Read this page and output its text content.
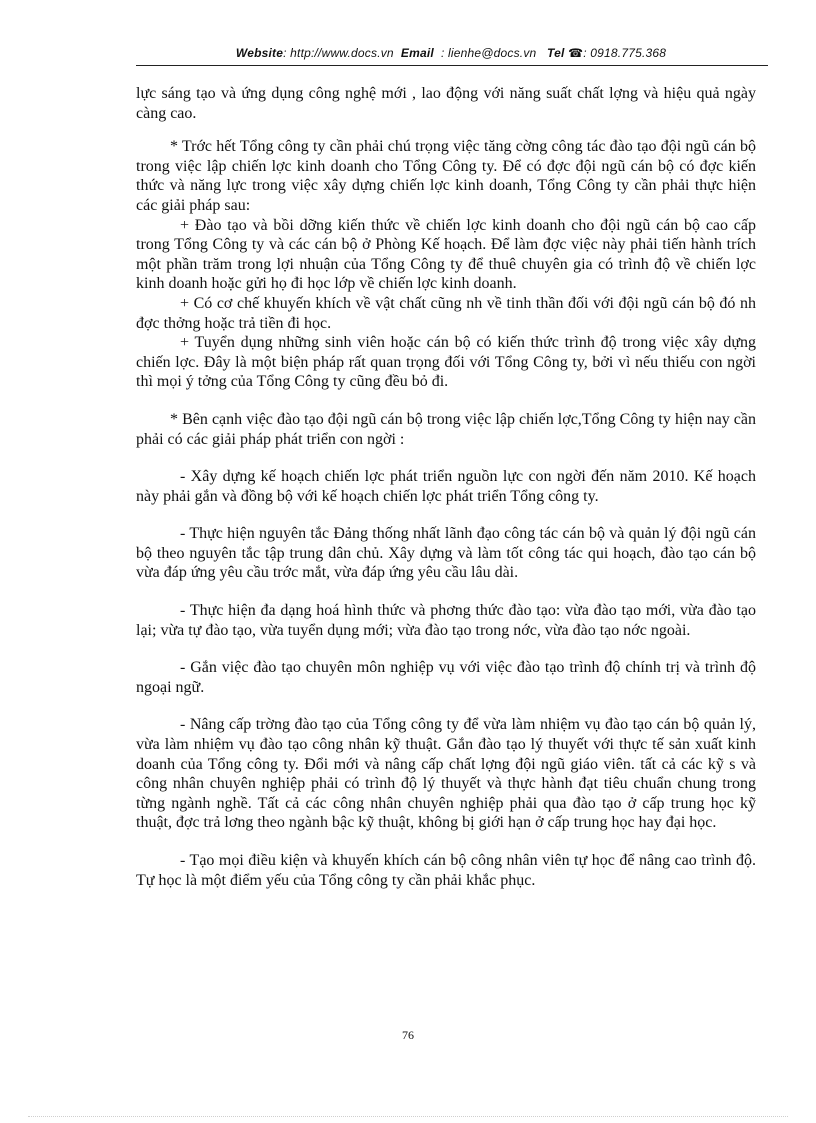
Website: http://www.docs.vn Email : lienhe@docs.vn Tel ☎: 0918.775.368

lực sáng tạo và ứng dụng công nghệ mới , lao động với năng suất chất lợng và hiệu quả ngày càng cao.

* Trớc hết Tổng công ty cần phải chú trọng việc tăng cờng công tác đào tạo đội ngũ cán bộ trong việc lập chiến lợc kinh doanh cho Tổng Công ty. Để có đợc đội ngũ cán bộ có đợc kiến thức và năng lực trong việc xây dựng chiến lợc kinh doanh, Tổng Công ty cần phải thực hiện các giải pháp sau:

+ Đào tạo và bồi dỡng kiến thức về chiến lợc kinh doanh cho đội ngũ cán bộ cao cấp trong Tổng Công ty và các cán bộ ở Phòng Kế hoạch. Để làm đợc việc này phải tiến hành trích một phần trăm trong lợi nhuận của Tổng Công ty để thuê chuyên gia có trình độ về chiến lợc kinh doanh hoặc gửi họ đi học lớp về chiến lợc kinh doanh.

+ Có cơ chế khuyến khích về vật chất cũng nh về tinh thần đối với đội ngũ cán bộ đó nh đợc thởng hoặc trả tiền đi học.

+ Tuyển dụng những sinh viên hoặc cán bộ có kiến thức trình độ trong việc xây dựng chiến lợc. Đây là một biện pháp rất quan trọng đối với Tổng Công ty, bởi vì nếu thiếu con ngời thì mọi ý tởng của Tổng Công ty cũng đều bỏ đi.

* Bên cạnh việc đào tạo đội ngũ cán bộ trong việc lập chiến lợc,Tổng Công ty hiện nay cần phải có các giải pháp phát triển con ngời :

- Xây dựng kế hoạch chiến lợc phát triển nguồn lực con ngời đến năm 2010. Kế hoạch này phải gắn và đồng bộ với kế hoạch chiến lợc phát triển Tổng công ty.

- Thực hiện nguyên tắc Đảng thống nhất lãnh đạo công tác cán bộ và quản lý đội ngũ cán bộ theo nguyên tắc tập trung dân chủ. Xây dựng và làm tốt công tác qui hoạch, đào tạo cán bộ vừa đáp ứng yêu cầu trớc mắt, vừa đáp ứng yêu cầu lâu dài.

- Thực hiện đa dạng hoá hình thức và phơng thức đào tạo: vừa đào tạo mới, vừa đào tạo lại; vừa tự đào tạo, vừa tuyển dụng mới; vừa đào tạo trong nớc, vừa đào tạo nớc ngoài.

- Gắn việc đào tạo chuyên môn nghiệp vụ với việc đào tạo trình độ chính trị và trình độ ngoại ngữ.

- Nâng cấp trờng đào tạo của Tổng công ty để vừa làm nhiệm vụ đào tạo cán bộ quản lý, vừa làm nhiệm vụ đào tạo công nhân kỹ thuật. Gắn đào tạo lý thuyết với thực tế sản xuất kinh doanh của Tổng công ty. Đổi mới và nâng cấp chất lợng đội ngũ giáo viên. tất cả các kỹ s và công nhân chuyên nghiệp phải có trình độ lý thuyết và thực hành đạt tiêu chuẩn chung trong từng ngành nghề. Tất cả các công nhân chuyên nghiệp phải qua đào tạo ở cấp trung học kỹ thuật, đợc trả lơng theo ngành bậc kỹ thuật, không bị giới hạn ở cấp trung học hay đại học.

- Tạo mọi điều kiện và khuyến khích cán bộ công nhân viên tự học để nâng cao trình độ. Tự học là một điểm yếu của Tổng công ty cần phải khắc phục.

76
